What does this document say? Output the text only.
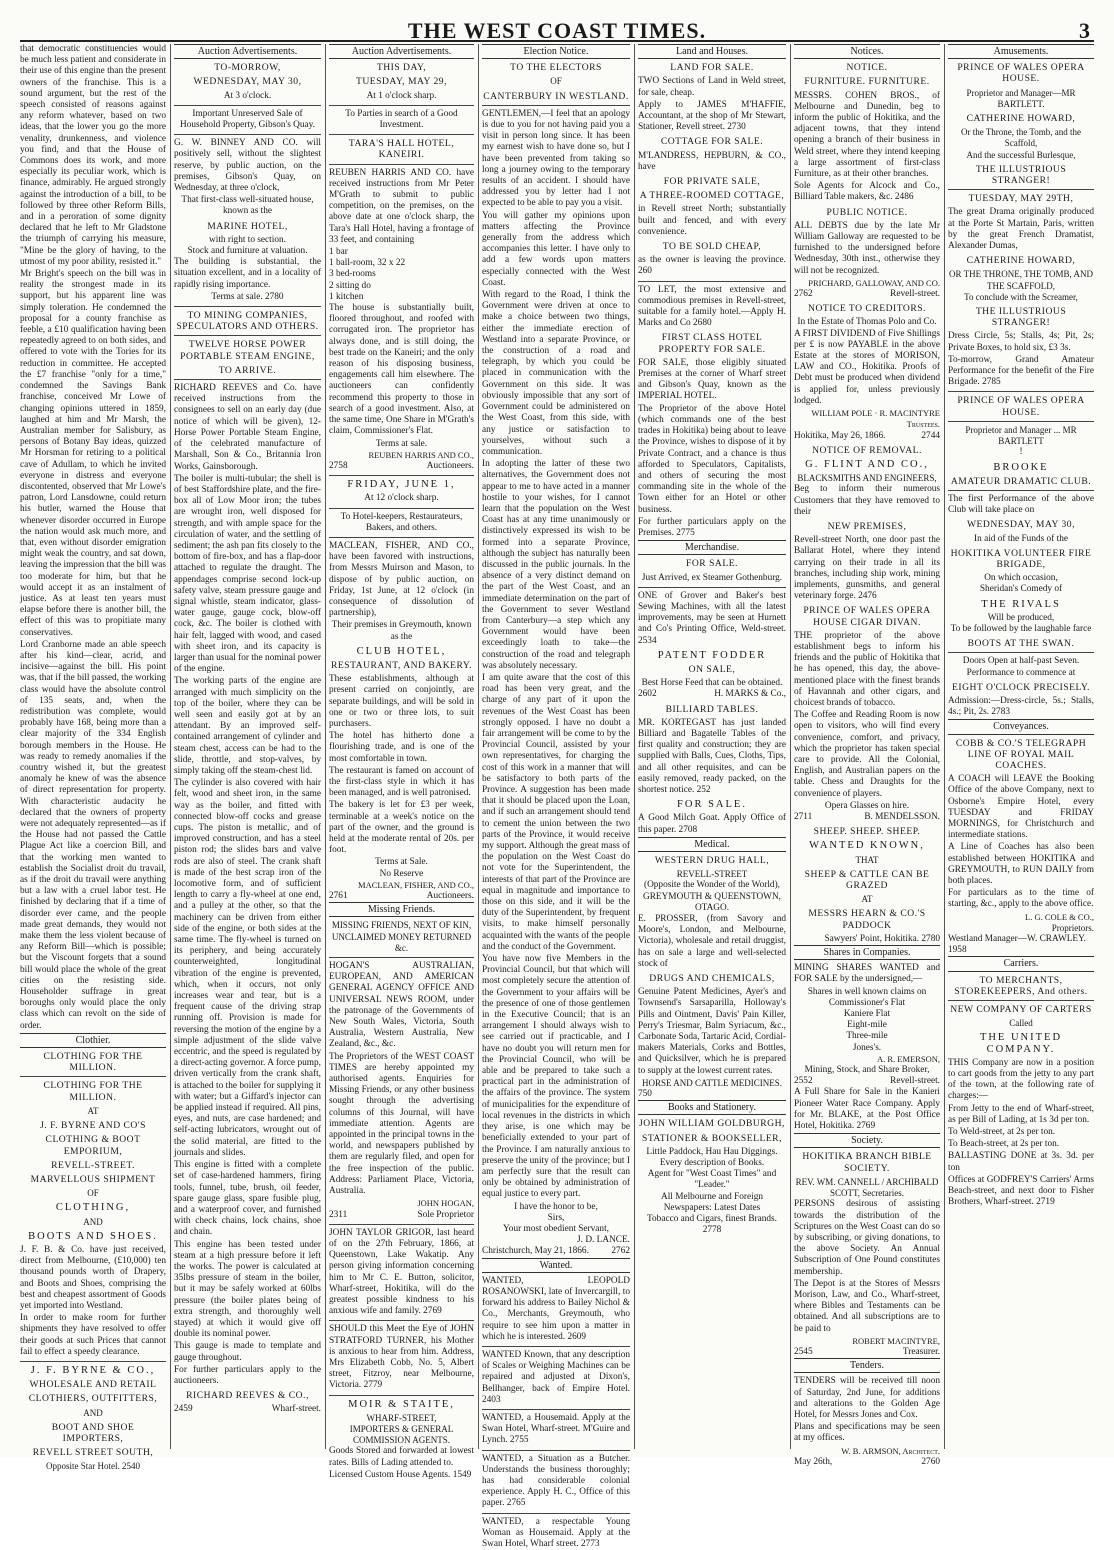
THE WEST COAST TIMES.	3

that democratic constituencies would be much less patient and considerate in their use of this engine than the present owners of the franchise. This is a sound argument, but the rest of the speech consisted of reasons against any reform whatever, based on two ideas, that the lower you go the more venality, drunkenness, and violence you find, and that the House of Commons does its work, and more especially its peculiar work, which is finance, admirably. He argued strongly against the introduction of a bill, to be followed by three other Reform Bills, and in a peroration of some dignity declared that he left to Mr Gladstone the triumph of carrying his measure, "Mine be the glory of having, to the utmost of my poor ability, resisted it."

Mr Bright's speech on the bill was in reality the strongest made in its support, but his apparent line was simply toleration. He condemned the proposal for a county franchise as feeble, a £10 qualification having been repeatedly agreed to on both sides, and offered to vote with the Tories for its reduction in committee. He accepted the £7 franchise "only for a time," condemned the Savings Bank franchise, conceived Mr Lowe of changing opinions uttered in 1859, laughed at him and Mr Marsh, the Australian member for Salisbury, as persons of Botany Bay ideas, quizzed Mr Horsman for retiring to a political cave of Adullam, to which he invited everyone in distress and everyone discontented, observed that Mr Lowe's patron, Lord Lansdowne, could return his butler, warned the House that whenever disorder occurred in Europe the nation would ask much more, and that, even without disorder emigration might weak the country, and sat down, leaving the impression that the bill was too moderate for him, but that he would accept it as an instalment of justice. As at least ten years must elapse before there is another bill, the effect of this was to propitiate many conservatives.

Lord Cranborne made an able speech after his kind—clear, acrid, and incisive—against the bill. His point was, that if the bill passed, the working class would have the absolute control of 135 seats, and, when the redistribution was complete, would probably have 168, being more than a clear majority of the 334 English borough members in the House. He was ready to remedy anomalies if the country wished it, but the greatest anomaly he knew of was the absence of direct representation for property. With characteristic audacity he declared that the owners of property were not adequately represented—as if the House had not passed the Cattle Plague Act like a coercion Bill, and that the working men wanted to establish the Socialist droit du travail, as if the droit du travail were anything but a law with a cruel labor test. He finished by declaring that if a time of disorder ever came, and the people made great demands, they would not make them the less violent because of any Reform Bill—which is possible; but the Viscount forgets that a sound bill would place the whole of the great cities on the resisting side. Householder suffrage in great boroughs only would place the only class which can revolt on the side of order.

Clothier.
CLOTHING FOR THE MILLION.
CLOTHING FOR THE MILLION.
AT
J. F. BYRNE AND CO'S
CLOTHING & BOOT EMPORIUM,
REVELL-STREET.
MARVELLOUS SHIPMENT
OF
CLOTHING,
AND
BOOTS AND SHOES.

J. F. B. & Co. have just received, direct from Melbourne, (£10,000) ten thousand pounds worth of Drapery, and Boots and Shoes, comprising the best and cheapest assortment of Goods yet imported into Westland.

In order to make room for further shipments they have resolved to offer their goods at such Prices that cannot fail to effect a speedy clearance.

J. F. BYRNE & CO.,
WHOLESALE AND RETAIL
CLOTHIERS, OUTFITTERS,
AND
BOOT AND SHOE IMPORTERS,
REVELL STREET SOUTH,
Opposite Star Hotel. 2540
Auction Advertisements.
TO-MORROW,
WEDNESDAY, MAY 30,
At 3 o'clock.
Important Unreserved Sale of Household Property, Gibson's Quay.

G. W. BINNEY AND CO. will positively sell, without the slightest reserve, by public auction, on the premises, Gibson's Quay, on Wednesday, at three o'clock,

That first-class well-situated house, known as the
MARINE HOTEL,
with right to section.
Stock and furniture at valuation.

The building is substantial, the situation excellent, and in a locality of rapidly rising importance.

Terms at sale. 2780
TO MINING COMPANIES, SPECULATORS AND OTHERS.
TWELVE HORSE POWER PORTABLE STEAM ENGINE,
TO ARRIVE.

RICHARD REEVES and Co. have received instructions from the consignees to sell on an early day (due notice of which will be given), 12-Horse Power Portable Steam Engine, of the celebrated manufacture of Marshall, Son & Co., Britannia Iron Works, Gainsborough.

The boiler is multi-tubular; the shell is of best Staffordshire plate, and the fire-box all of Low Moor iron; the tubes are wrought iron, well disposed for strength, and with ample space for the circulation of water, and the settling of sediment; the ash pan fits closely to the bottom of fire-box, and has a flap-door attached to regulate the draught. The appendages comprise second lock-up safety valve, steam pressure gauge and signal whistle, steam indicator, glass-water gauge, gauge cock, blow-off cock, &c. The boiler is clothed with hair felt, lagged with wood, and cased with sheet iron, and its capacity is larger than usual for the nominal power of the engine.

The working parts of the engine are arranged with much simplicity on the top of the boiler, where they can be well seen and easily got at by an attendant. By an improved self-contained arrangement of cylinder and steam chest, access can be had to the slide, throttle, and stop-valves, by simply taking off the steam-chest lid.

The cylinder is also covered with hair felt, wood and sheet iron, in the same way as the boiler, and fitted with connected blow-off cocks and grease cups. The piston is metallic, and of improved construction, and has a steel piston rod; the slides bars and valve rods are also of steel. The crank shaft is made of the best scrap iron of the locomotive form, and of sufficient length to carry a fly-wheel at one end, and a pulley at the other, so that the machinery can be driven from either side of the engine, or both sides at the same time. The fly-wheel is turned on its periphery, and being accurately counterweighted, longitudinal vibration of the engine is prevented, which, when it occurs, not only increases wear and tear, but is a frequent cause of the driving strap running off. Provision is made for reversing the motion of the engine by a simple adjustment of the slide valve eccentric, and the speed is regulated by a direct-acting governor. A force pump, driven vertically from the crank shaft, is attached to the boiler for supplying it with water; but a Giffard's injector can be applied instead if required. All pins, eyes, and nuts, are case hardened; and self-acting lubricators, wrought out of the solid material, are fitted to the journals and slides.

This engine is fitted with a complete set of case-hardened hammers, firing tools, funnel, tube, brush, oil feeder, spare gauge glass, spare fusible plug, and a waterproof cover, and furnished with check chains, lock chains, shoe and chain.

This engine has been tested under steam at a high pressure before it left the works. The power is calculated at 35lbs pressure of steam in the boiler, but it may be safely worked at 60lbs pressure (the boiler plates being of extra strength, and thoroughly well stayed) at which it would give off double its nominal power.

This gauge is made to template and gauge throughout.

For further particulars apply to the auctioneers.

RICHARD REEVES & CO.,
2459	Wharf-street.
Auction Advertisements.
THIS DAY,
TUESDAY, MAY 29,
At 1 o'clock sharp.
To Parties in search of a Good Investment.
TARA'S HALL HOTEL, KANEIRI.

REUBEN HARRIS AND CO. have received instructions from Mr Peter M'Grath to submit to public competition, on the premises, on the above date at one o'clock sharp, the Tara's Hall Hotel, having a frontage of 33 feet, and containing

1 bar
1 ball-room, 32 x 22
3 bed-rooms
2 sitting do
1 kitchen

The house is substantially built, floored throughout, and roofed with corrugated iron. The proprietor has always done, and is still doing, the best trade on the Kaneiri; and the only reason of his disposing business, engagements call him elsewhere. The auctioneers can confidently recommend this property to those in search of a good investment. Also, at the same time, One Share in M'Grath's claim, Commissioner's Flat.

Terms at sale.
REUBEN HARRIS AND CO.,
2758	Auctioneers.
FRIDAY, JUNE 1,
At 12 o'clock sharp.
To Hotel-keepers, Restaurateurs, Bakers, and others.

MACLEAN, FISHER, AND CO., have been favored with instructions, from Messrs Muirson and Mason, to dispose of by public auction, on Friday, 1st June, at 12 o'clock (in consequence of dissolution of partnership),

Their premises in Greymouth, known as the
CLUB HOTEL,
RESTAURANT, AND BAKERY.

These establishments, although at present carried on conjointly, are separate buildings, and will be sold in one or two or three lots, to suit purchasers.

The hotel has hitherto done a flourishing trade, and is one of the most comfortable in town.

The restaurant is famed on account of the first-class style in which it has been managed, and is well patronised.

The bakery is let for £3 per week, terminable at a week's notice on the part of the owner, and the ground is held at the moderate rental of 20s. per foot.

Terms at Sale.
No Reserve
MACLEAN, FISHER, AND CO.,
2761	Auctioneers.
Missing Friends.
MISSING FRIENDS, NEXT OF KIN, UNCLAIMED MONEY RETURNED &c.

HOGAN'S AUSTRALIAN, EUROPEAN, AND AMERICAN GENERAL AGENCY OFFICE AND UNIVERSAL NEWS ROOM, under the patronage of the Governments of New South Wales, Victoria, South Australia, Western Australia, New Zealand, &c., &c.

The Proprietors of the WEST COAST TIMES are hereby appointed my authorised agents. Enquiries for Missing Friends, or any other business sought through the advertising columns of this Journal, will have immediate attention. Agents are appointed in the principal towns in the world, and newspapers published by them are regularly filed, and open for the free inspection of the public. Address: Parliament Place, Victoria, Australia.

JOHN HOGAN,
2311	Sole Proprietor

JOHN TAYLOR GRIGOR, last heard of on the 27th February, 1866, at Queenstown, Lake Wakatip. Any person giving information concerning him to Mr C. E. Button, solicitor, Wharf-street, Hokitika, will do the greatest possible kindness to his anxious wife and family. 2769

SHOULD this Meet the Eye of JOHN STRATFORD TURNER, his Mother is anxious to hear from him. Address, Mrs Elizabeth Cobb, No. 5, Albert street, Fitzroy, near Melbourne, Victoria. 2779

MOIR & STAITE,
WHARF-STREET,
IMPORTERS & GENERAL COMMISSION AGENTS.

Goods Stored and forwarded at lowest rates. Bills of Lading attended to.

Licensed Custom House Agents. 1549
Election Notice.
TO THE ELECTORS
OF
CANTERBURY IN WESTLAND.

GENTLEMEN,—I feel that an apology is due to you for not having paid you a visit in person long since. It has been my earnest wish to have done so, but I have been prevented from taking so long a journey owing to the temporary results of an accident. I should have addressed you by letter had I not expected to be able to pay you a visit.

You will gather my opinions upon matters affecting the Province generally from the address which accompanies this letter. I have only to add a few words upon matters especially connected with the West Coast.

With regard to the Road, I think the Government were driven at once to make a choice between two things, either the immediate erection of Westland into a separate Province, or the construction of a road and telegraph, by which you could be placed in communication with the Government on this side. It was obviously impossible that any sort of Government could be administered on the West Coast, from this side, with any justice or satisfaction to yourselves, without such a communication.

In adopting the latter of these two alternatives, the Government does not appear to me to have acted in a manner hostile to your wishes, for I cannot learn that the population on the West Coast has at any time unanimously or distinctively expressed its wish to be formed into a separate Province, although the subject has naturally been discussed in the public journals. In the absence of a very distinct demand on the part of the West Coast, and an immediate determination on the part of the Government to sever Westland from Canterbury—a step which any Government would have been exceedingly loath to take—the construction of the road and telegraph was absolutely necessary.

I am quite aware that the cost of this road has been very great, and the charge of any part of it upon the revenues of the West Coast has been strongly opposed. I have no doubt a fair arrangement will be come to by the Provincial Council, assisted by your own representatives, for charging the cost of this work in a manner that will be satisfactory to both parts of the Province. A suggestion has been made that it should be placed upon the Loan, and if such an arrangement should tend to cement the union between the two parts of the Province, it would receive my support. Although the great mass of the population on the West Coast do not vote for the Superintendent, the interests of that part of the Province are equal in magnitude and importance to those on this side, and it will be the duty of the Superintendent, by frequent visits, to make himself personally acquainted with the wants of the people and the conduct of the Government.

You have now five Members in the Provincial Council, but that which will most completely secure the attention of the Government to your affairs will be the presence of one of those gentlemen in the Executive Council; that is an arrangement I should always wish to see carried out if practicable, and I have no doubt you will return men for the Provincial Council, who will be able and be prepared to take such a practical part in the administration of the affairs of the province. The system of municipalities for the expenditure of local revenues in the districts in which they arise, is one which may be beneficially extended to your part of the Province. I am naturally anxious to preserve the unity of the province; but I am perfectly sure that the result can only be obtained by administration of equal justice to every part.

I have the honor to be,
Sirs,
Your most obedient Servant,
J. D. LANCE.
Christchurch, May 21, 1866. 2762
Wanted.

WANTED, LEOPOLD ROSANOWSKI, late of Invercargill, to forward his address to Bailey Nichol & Co., Merchants, Greymouth, who require to see him upon a matter in which he is interested. 2609

WANTED Known, that any description of Scales or Weighing Machines can be repaired and adjusted at Dixon's, Bellhanger, back of Empire Hotel. 2403

WANTED, a Housemaid. Apply at the Swan Hotel, Wharf-street. M'Guire and Lynch. 2755

WANTED, a Situation as a Butcher. Understands the business thoroughly; has had considerable colonial experience. Apply H. C., Office of this paper. 2765

WANTED, a respectable Young Woman as Housemaid. Apply at the Swan Hotel, Wharf street. 2773

Land and Houses.
LAND FOR SALE.

TWO Sections of Land in Weld street, for sale, cheap.

Apply to JAMES M'HAFFIE, Accountant, at the shop of Mr Stewart, Stationer, Revell street. 2730

COTTAGE FOR SALE.

M'LANDRESS, HEPBURN, & CO., have

FOR PRIVATE SALE,
A THREE-ROOMED COTTAGE,

in Revell street North; substantially built and fenced, and with every convenience.

TO BE SOLD CHEAP,

as the owner is leaving the province. 260

TO LET, the most extensive and commodious premises in Revell-street, suitable for a family hotel.—Apply H. Marks and Co 2680

FIRST CLASS HOTEL PROPERTY FOR SALE.

FOR SALE, those eligibly situated Premises at the corner of Wharf street and Gibson's Quay, known as the IMPERIAL HOTEL.

The Proprietor of the above Hotel (which commands one of the best trades in Hokitika) being about to leave the Province, wishes to dispose of it by Private Contract, and a chance is thus afforded to Speculators, Capitalists, and others of securing the most commanding site in the whole of the Town either for an Hotel or other business.

For further particulars apply on the Premises. 2775

Merchandise.
FOR SALE.
Just Arrived, ex Steamer Gothenburg.

ONE of Grover and Baker's best Sewing Machines, with all the latest improvements, may be seen at Hurnett and Co's Printing Office, Weld-street. 2534

PATENT FODDER
ON SALE,
Best Horse Feed that can be obtained.
2602	H. MARKS & Co.,
BILLIARD TABLES.

MR. KORTEGAST has just landed Billiard and Bagatelle Tables of the first quality and construction; they are supplied with Balls, Cues, Cloths, Tips, and all other requisites, and can be easily removed, ready packed, on the shortest notice. 252

FOR SALE.

A Good Milch Goat. Apply Office of this paper. 2708

Medical.
WESTERN DRUG HALL,
REVELL-STREET
(Opposite the Wonder of the World),
GREYMOUTH & QUEENSTOWN,
OTAGO.

E. PROSSER, (from Savory and Moore's, London, and Melbourne, Victoria), wholesale and retail druggist, has on sale a large and well-selected stock of

DRUGS AND CHEMICALS,

Genuine Patent Medicines, Ayer's and Townsend's Sarsaparilla, Holloway's Pills and Ointment, Davis' Pain Killer, Perry's Triesmar, Balm Syriacum, &c., Carbonate Soda, Tartaric Acid, Cordial-makers Materials, Corks and Bottles, and Quicksilver, which he is prepared to supply at the lowest current rates.

HORSE AND CATTLE MEDICINES.
750
Books and Stationery.
JOHN WILLIAM GOLDBURGH,
STATIONER & BOOKSELLER,
Little Paddock, Hau Hau Diggings.
Every description of Books.
Agent for "West Coast Times" and "Leader."
All Melbourne and Foreign Newspapers: Latest Dates
Tobacco and Cigars, finest Brands. 2778
Notices.
NOTICE.
FURNITURE. FURNITURE.

MESSRS. COHEN BROS., of Melbourne and Dunedin, beg to inform the public of Hokitika, and the adjacent towns, that they intend opening a branch of their business in Weld street, where they intend keeping a large assortment of first-class Furniture, as at their other branches.

Sole Agents for Alcock and Co., Billiard Table makers, &c. 2486

PUBLIC NOTICE.

ALL DEBTS due by the late Mr William Galloway are requested to be furnished to the undersigned before Wednesday, 30th inst., otherwise they will not be recognized.

PRICHARD, GALLOWAY, AND CO.
2762	Revell-street.
NOTICE TO CREDITORS.
In the Estate of Thomas Polo and Co.

A FIRST DIVIDEND of Five Shillings per £ is now PAYABLE in the above Estate at the stores of MORISON, LAW and CO., Hokitika. Proofs of Debt must be produced when dividend is applied for, unless previously lodged.

WILLIAM POLE · R. MACINTYRE Trustees.
Hokitika, May 26, 1866.	2744
NOTICE OF REMOVAL.
G. FLINT AND CO.,
BLACKSMITHS AND ENGINEERS,

Beg to inform their numerous Customers that they have removed to their

NEW PREMISES,

Revell-street North, one door past the Ballarat Hotel, where they intend carrying on their trade in all its branches, including ship work, mining implements, gunsmiths, and general veterinary forge. 2476

PRINCE OF WALES OPERA HOUSE CIGAR DIVAN.

THE proprietor of the above establishment begs to inform his friends and the public of Hokitika that he has opened, this day, the above-mentioned place with the finest brands of Havannah and other cigars, and choicest brands of tobacco.

The Coffee and Reading Room is now open to visitors, who will find every convenience, comfort, and privacy, which the proprietor has taken special care to provide. All the Colonial, English, and Australian papers on the table. Chess and Draughts for the convenience of players.

Opera Glasses on hire.
2711	B. MENDELSSON.
SHEEP. SHEEP. SHEEP.
WANTED KNOWN,
THAT
SHEEP & CATTLE CAN BE GRAZED
AT
MESSRS HEARN & CO.'S PADDOCK
Sawyers' Point, Hokitika. 2780
Shares in Companies.

MINING SHARES WANTED and FOR SALE by the undersigned,—

Shares in well known claims on
Commissioner's Flat
Kaniere Flat
Eight-mile
Three-mile
Jones's.
A. R. EMERSON,
Mining, Stock, and Share Broker,
2552	Revell-street.

A Full Share for Sale in the Kanieri Pioneer Water Race Company. Apply for Mr. BLAKE, at the Post Office Hotel, Hokitika. 2769

Society.
HOKITIKA BRANCH BIBLE SOCIETY.
REV. WM. CANNELL / ARCHIBALD SCOTT, Secretaries.

PERSONS desirous of assisting towards the distribution of the Scriptures on the West Coast can do so by subscribing, or giving donations, to the above Society. An Annual Subscription of One Pound constitutes membership.

The Depot is at the Stores of Messrs Morison, Law, and Co., Wharf-street, where Bibles and Testaments can be obtained. And all subscriptions are to be paid to

ROBERT MACINTYRE,
2545	Treasurer.
Tenders.

TENDERS will be received till noon of Saturday, 2nd June, for additions and alterations to the Golden Age Hotel, for Messrs Jones and Cox.

Plans and specifications may be seen at my offices.

W. B. ARMSON, Architect.
May 26th,	2760
Amusements.
PRINCE OF WALES OPERA HOUSE.
Proprietor and Manager—MR BARTLETT.
CATHERINE HOWARD,
Or the Throne, the Tomb, and the Scaffold,
And the successful Burlesque,
THE ILLUSTRIOUS STRANGER!
TUESDAY, MAY 29TH,

The great Drama originally produced at the Porte St Martain, Paris, written by the great French Dramatist, Alexander Dumas,

CATHERINE HOWARD,
OR THE THRONE, THE TOMB, AND THE SCAFFOLD,
To conclude with the Screamer,
THE ILLUSTRIOUS STRANGER!

Dress Circle, 5s; Stalls, 4s; Pit, 2s; Private Boxes, to hold six, £3 3s.

To-morrow, Grand Amateur Performance for the benefit of the Fire Brigade. 2785

PRINCE OF WALES OPERA HOUSE.
Proprietor and Manager ... MR BARTLETT
!
BROOKE
AMATEUR DRAMATIC CLUB.

The first Performance of the above Club will take place on

WEDNESDAY, MAY 30,
In aid of the Funds of the
HOKITIKA VOLUNTEER FIRE BRIGADE,
On which occasion,
Sheridan's Comedy of
THE RIVALS
Will be produced,
To be followed by the laughable farce
BOOTS AT THE SWAN.
Doors Open at half-past Seven.
Performance to commence at
EIGHT O'CLOCK PRECISELY.

Admission:—Dress-circle, 5s.; Stalls, 4s.; Pit, 2s. 2783

Conveyances.
COBB & CO.'S TELEGRAPH LINE OF ROYAL MAIL COACHES.

A COACH will LEAVE the Booking Office of the above Company, next to Osborne's Empire Hotel, every TUESDAY and FRIDAY MORNINGS, for Christchurch and intermediate stations.

A Line of Coaches has also been established between HOKITIKA and GREYMOUTH, to RUN DAILY from both places.

For particulars as to the time of starting, &c., apply to the above office.

L. G. COLE & CO.,
Proprietors.
Westland Manager—W. CRAWLEY. 1958
Carriers.
TO MERCHANTS, STOREKEEPERS, And others.
NEW COMPANY OF CARTERS
Called
THE UNITED COMPANY.

THIS Company are now in a position to cart goods from the jetty to any part of the town, at the following rate of charges:—

From Jetty to the end of Wharf-street, as per Bill of Lading, at 1s 3d per ton.

To Weld-street, at 2s per ton.

To Beach-street, at 2s per ton.

BALLASTING DONE at 3s. 3d. per ton

Offices at GODFREY'S Carriers' Arms Beach-street, and next door to Fisher Brothers, Wharf-street. 2719
